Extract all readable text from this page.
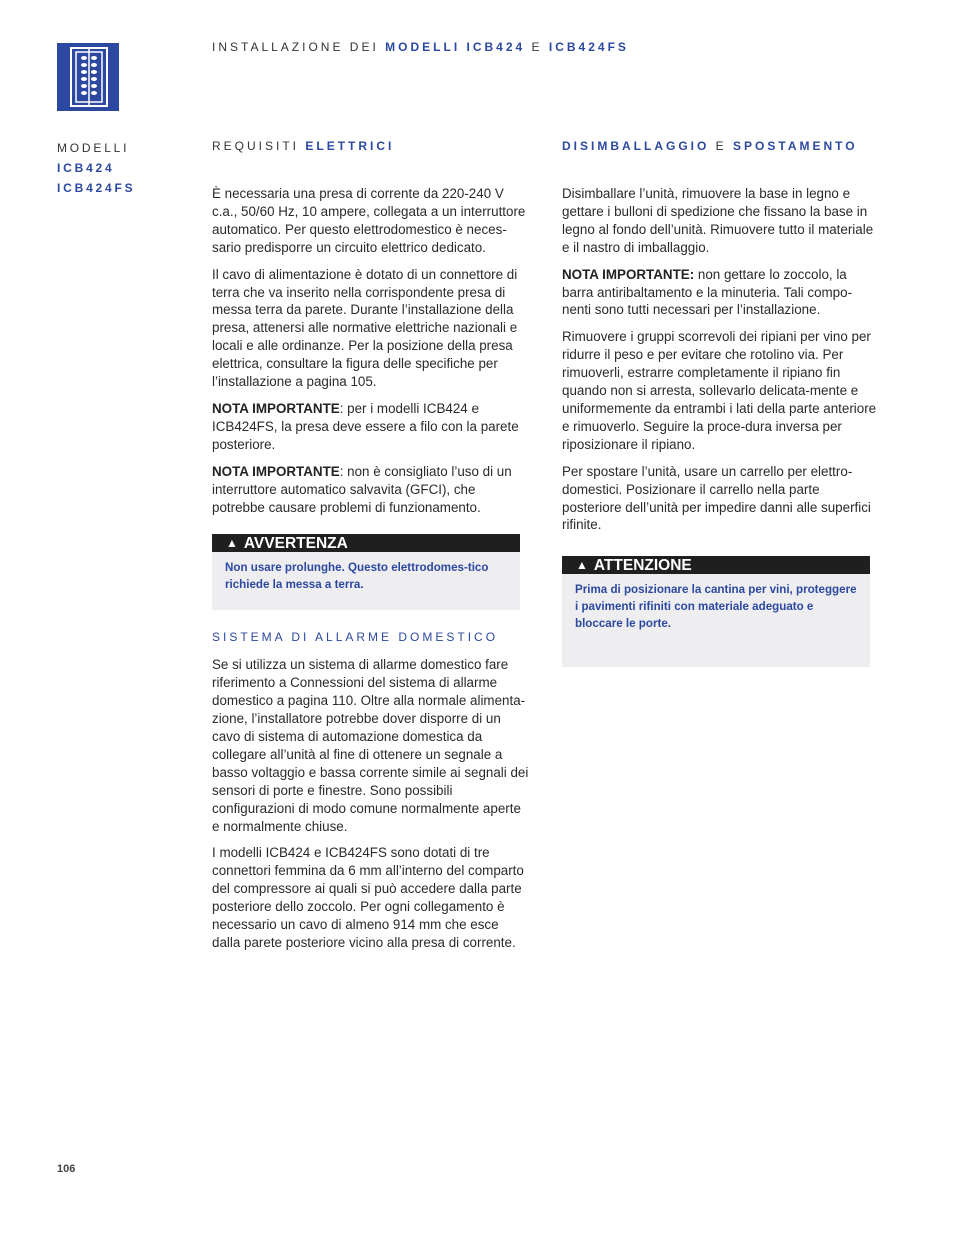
INSTALLAZIONE DEI MODELLI ICB424 E ICB424FS
MODELLI
ICB424
ICB424FS
REQUISITI ELETTRICI

È necessaria una presa di corrente da 220-240 V c.a., 50/60 Hz, 10 ampere, collegata a un interruttore automatico. Per questo elettrodomestico è neces-sario predisporre un circuito elettrico dedicato.

Il cavo di alimentazione è dotato di un connettore di terra che va inserito nella corrispondente presa di messa terra da parete. Durante l’installazione della presa, attenersi alle normative elettriche nazionali e locali e alle ordinanze. Per la posizione della presa elettrica, consultare la figura delle specifiche per l’installazione a pagina 105.

NOTA IMPORTANTE: per i modelli ICB424 e ICB424FS, la presa deve essere a filo con la parete posteriore.

NOTA IMPORTANTE: non è consigliato l’uso di un interruttore automatico salvavita (GFCI), che potrebbe causare problemi di funzionamento.

▲ AVVERTENZA

Non usare prolunghe. Questo elettrodomes-tico richiede la messa a terra.

SISTEMA DI ALLARME DOMESTICO

Se si utilizza un sistema di allarme domestico fare riferimento a Connessioni del sistema di allarme domestico a pagina 110. Oltre alla normale alimenta-zione, l’installatore potrebbe dover disporre di un cavo di sistema di automazione domestica da collegare all’unità al fine di ottenere un segnale a basso voltaggio e bassa corrente simile ai segnali dei sensori di porte e finestre. Sono possibili configurazioni di modo comune normalmente aperte e normalmente chiuse.

I modelli ICB424 e ICB424FS sono dotati di tre connettori femmina da 6 mm all’interno del comparto del compressore ai quali si può accedere dalla parte posteriore dello zoccolo. Per ogni collegamento è necessario un cavo di almeno 914 mm che esce dalla parete posteriore vicino alla presa di corrente.

DISIMBALLAGGIO E SPOSTAMENTO

Disimballare l’unità, rimuovere la base in legno e gettare i bulloni di spedizione che fissano la base in legno al fondo dell’unità. Rimuovere tutto il materiale e il nastro di imballaggio.

NOTA IMPORTANTE: non gettare lo zoccolo, la barra antiribaltamento e la minuteria. Tali compo-nenti sono tutti necessari per l’installazione.

Rimuovere i gruppi scorrevoli dei ripiani per vino per ridurre il peso e per evitare che rotolino via. Per rimuoverli, estrarre completamente il ripiano fin quando non si arresta, sollevarlo delicata-mente e uniformemente da entrambi i lati della parte anteriore e rimuoverlo. Seguire la proce-dura inversa per riposizionare il ripiano.

Per spostare l’unità, usare un carrello per elettro-domestici. Posizionare il carrello nella parte posteriore dell’unità per impedire danni alle superfici rifinite.

▲ ATTENZIONE

Prima di posizionare la cantina per vini, proteggere i pavimenti rifiniti con materiale adeguato e bloccare le porte.

106
